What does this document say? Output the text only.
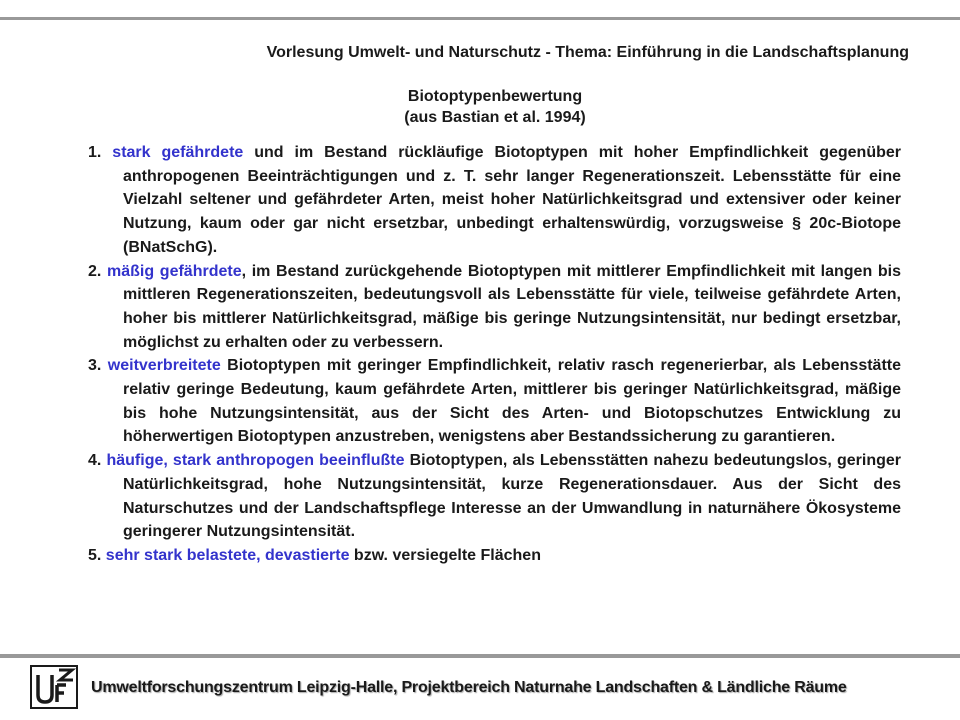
Vorlesung Umwelt- und Naturschutz - Thema: Einführung in die Landschaftsplanung
Biotoptypenbewertung
(aus Bastian et al. 1994)

1. stark gefährdete und im Bestand rückläufige Biotoptypen mit hoher Empfindlichkeit gegenüber anthropogenen Beeinträchtigungen und z. T. sehr langer Regenerationszeit. Lebensstätte für eine Vielzahl seltener und gefährdeter Arten, meist hoher Natürlichkeitsgrad und extensiver oder keiner Nutzung, kaum oder gar nicht ersetzbar, unbedingt erhaltenswürdig, vorzugsweise § 20c-Biotope (BNatSchG).

2. mäßig gefährdete, im Bestand zurückgehende Biotoptypen mit mittlerer Empfindlichkeit mit langen bis mittleren Regenerationszeiten, bedeutungsvoll als Lebensstätte für viele, teilweise gefährdete Arten, hoher bis mittlerer Natürlichkeitsgrad, mäßige bis geringe Nutzungsintensität, nur bedingt ersetzbar, möglichst zu erhalten oder zu verbessern.

3. weitverbreitete Biotoptypen mit geringer Empfindlichkeit, relativ rasch regenerierbar, als Lebensstätte relativ geringe Bedeutung, kaum gefährdete Arten, mittlerer bis geringer Natürlichkeitsgrad, mäßige bis hohe Nutzungsintensität, aus der Sicht des Arten- und Biotopschutzes Entwicklung zu höherwertigen Biotoptypen anzustreben, wenigstens aber Bestandssicherung zu garantieren.

4. häufige, stark anthropogen beeinflußte Biotoptypen, als Lebensstätten nahezu bedeutungslos, geringer Natürlichkeitsgrad, hohe Nutzungsintensität, kurze Regenerationsdauer. Aus der Sicht des Naturschutzes und der Landschaftspflege Interesse an der Umwandlung in naturnähere Ökosysteme geringerer Nutzungsintensität.

5. sehr stark belastete, devastierte bzw. versiegelte Flächen

Umweltforschungszentrum Leipzig-Halle, Projektbereich Naturnahe Landschaften & Ländliche Räume
